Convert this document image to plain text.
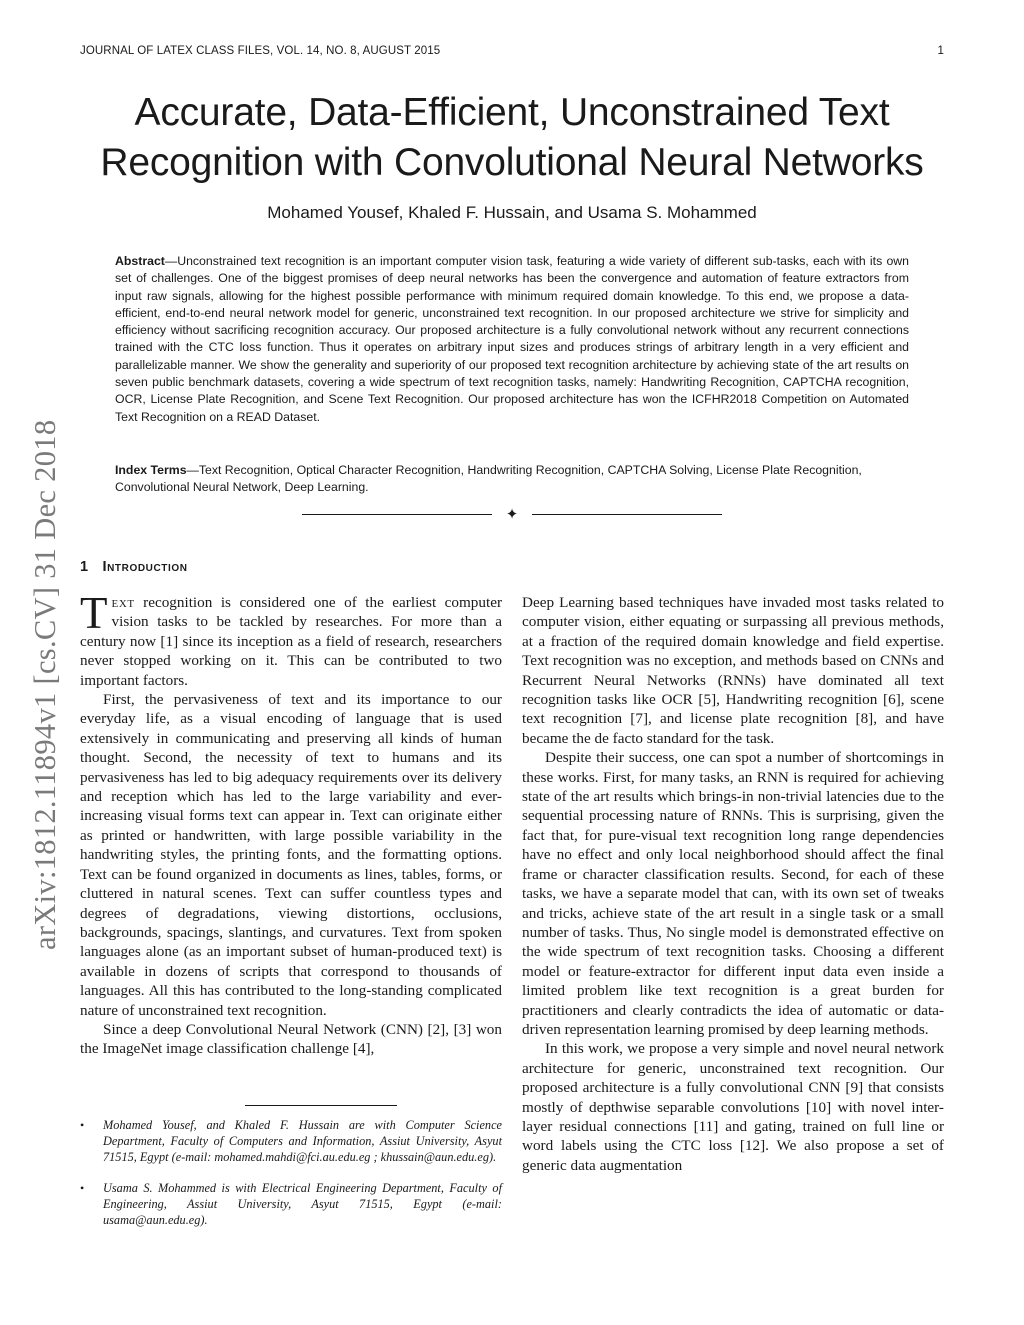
JOURNAL OF LATEX CLASS FILES, VOL. 14, NO. 8, AUGUST 2015	1
Accurate, Data-Efficient, Unconstrained Text
Recognition with Convolutional Neural Networks
Mohamed Yousef, Khaled F. Hussain, and Usama S. Mohammed
Abstract—Unconstrained text recognition is an important computer vision task, featuring a wide variety of different sub-tasks, each with its own set of challenges. One of the biggest promises of deep neural networks has been the convergence and automation of feature extractors from input raw signals, allowing for the highest possible performance with minimum required domain knowledge. To this end, we propose a data-efficient, end-to-end neural network model for generic, unconstrained text recognition. In our proposed architecture we strive for simplicity and efficiency without sacrificing recognition accuracy. Our proposed architecture is a fully convolutional network without any recurrent connections trained with the CTC loss function. Thus it operates on arbitrary input sizes and produces strings of arbitrary length in a very efficient and parallelizable manner. We show the generality and superiority of our proposed text recognition architecture by achieving state of the art results on seven public benchmark datasets, covering a wide spectrum of text recognition tasks, namely: Handwriting Recognition, CAPTCHA recognition, OCR, License Plate Recognition, and Scene Text Recognition. Our proposed architecture has won the ICFHR2018 Competition on Automated Text Recognition on a READ Dataset.
Index Terms—Text Recognition, Optical Character Recognition, Handwriting Recognition, CAPTCHA Solving, License Plate Recognition, Convolutional Neural Network, Deep Learning.
✦
1 Introduction

Text recognition is considered one of the earliest computer vision tasks to be tackled by researches. For more than a century now [1] since its inception as a field of research, researchers never stopped working on it. This can be contributed to two important factors.

First, the pervasiveness of text and its importance to our everyday life, as a visual encoding of language that is used extensively in communicating and preserving all kinds of human thought. Second, the necessity of text to humans and its pervasiveness has led to big adequacy requirements over its delivery and reception which has led to the large variability and ever-increasing visual forms text can appear in. Text can originate either as printed or handwritten, with large possible variability in the handwriting styles, the printing fonts, and the formatting options. Text can be found organized in documents as lines, tables, forms, or cluttered in natural scenes. Text can suffer countless types and degrees of degradations, viewing distortions, occlusions, backgrounds, spacings, slantings, and curvatures. Text from spoken languages alone (as an important subset of human-produced text) is available in dozens of scripts that correspond to thousands of languages. All this has contributed to the long-standing complicated nature of unconstrained text recognition.

Since a deep Convolutional Neural Network (CNN) [2], [3] won the ImageNet image classification challenge [4],

Deep Learning based techniques have invaded most tasks related to computer vision, either equating or surpassing all previous methods, at a fraction of the required domain knowledge and field expertise. Text recognition was no exception, and methods based on CNNs and Recurrent Neural Networks (RNNs) have dominated all text recognition tasks like OCR [5], Handwriting recognition [6], scene text recognition [7], and license plate recognition [8], and have became the de facto standard for the task.

Despite their success, one can spot a number of shortcomings in these works. First, for many tasks, an RNN is required for achieving state of the art results which brings-in non-trivial latencies due to the sequential processing nature of RNNs. This is surprising, given the fact that, for pure-visual text recognition long range dependencies have no effect and only local neighborhood should affect the final frame or character classification results. Second, for each of these tasks, we have a separate model that can, with its own set of tweaks and tricks, achieve state of the art result in a single task or a small number of tasks. Thus, No single model is demonstrated effective on the wide spectrum of text recognition tasks. Choosing a different model or feature-extractor for different input data even inside a limited problem like text recognition is a great burden for practitioners and clearly contradicts the idea of automatic or data-driven representation learning promised by deep learning methods.

In this work, we propose a very simple and novel neural network architecture for generic, unconstrained text recognition. Our proposed architecture is a fully convolutional CNN [9] that consists mostly of depthwise separable convolutions [10] with novel inter-layer residual connections [11] and gating, trained on full line or word labels using the CTC loss [12]. We also propose a set of generic data augmentation

• Mohamed Yousef, and Khaled F. Hussain are with Computer Science Department, Faculty of Computers and Information, Assiut University, Asyut 71515, Egypt (e-mail: mohamed.mahdi@fci.au.edu.eg ; khussain@aun.edu.eg).
• Usama S. Mohammed is with Electrical Engineering Department, Faculty of Engineering, Assiut University, Asyut 71515, Egypt (e-mail: usama@aun.edu.eg).
arXiv:1812.11894v1 [cs.CV] 31 Dec 2018
